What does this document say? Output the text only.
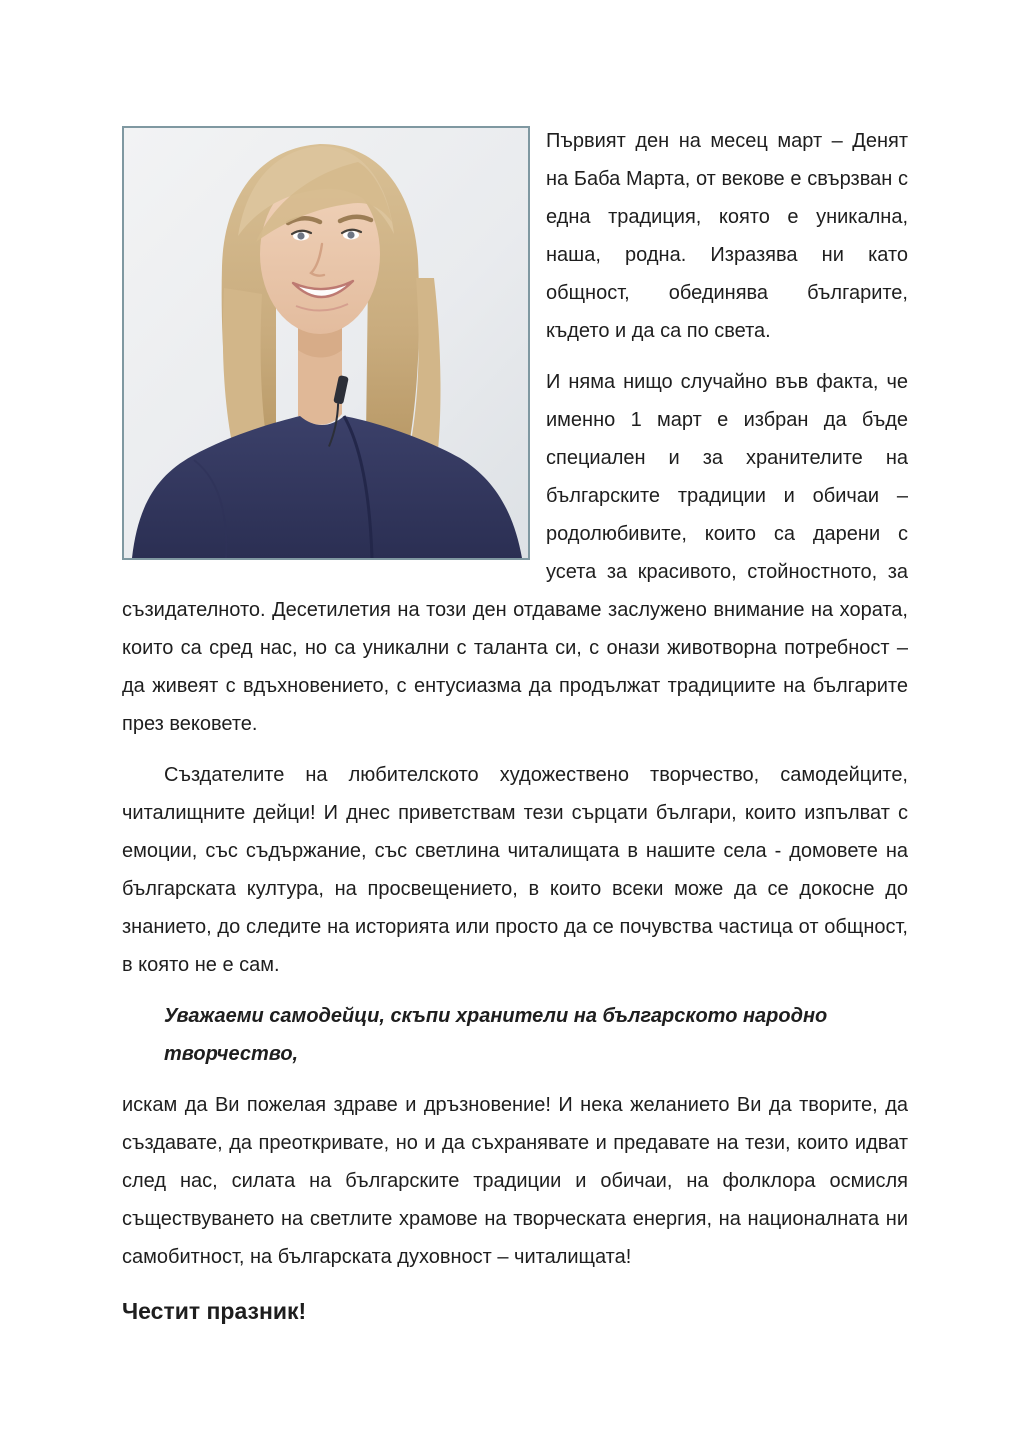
Първият ден на месец март – Денят на Баба Марта, от векове е свързван с една традиция, която е уникална, наша, родна. Изразява ни като общност, обединява българите, където и да са по света.

И няма нищо случайно във факта, че именно 1 март е избран да бъде специален и за хранителите на българските традиции и обичаи – родолюбивите, които са дарени с усета за красивото, стойностното, за съзидателното. Десетилетия на този ден отдаваме заслужено внимание на хората, които са сред нас, но са уникални с таланта си, с онази животворна потребност – да живеят с вдъхновението, с ентусиазма да продължат традициите на българите през вековете.

Създателите на любителското художествено творчество, самодейците, читалищните дейци! И днес приветствам тези сърцати българи, които изпълват с емоции, със съдържание, със светлина читалищата в нашите села - домовете на българската култура, на просвещението, в които всеки може да се докосне до знанието, до следите на историята или просто да се почувства частица от общност, в която не е сам.

Уважаеми самодейци, скъпи хранители на българското народно творчество,

искам да Ви пожелая здраве и дръзновение! И нека желанието Ви да творите, да създавате, да преоткривате, но и да съхранявате и предавате на тези, които идват след нас, силата на българските традиции и обичаи, на фолклора осмисля съществуването на светлите храмове на творческата енергия, на националната ни самобитност, на българската духовност – читалищата!

Честит празник!
